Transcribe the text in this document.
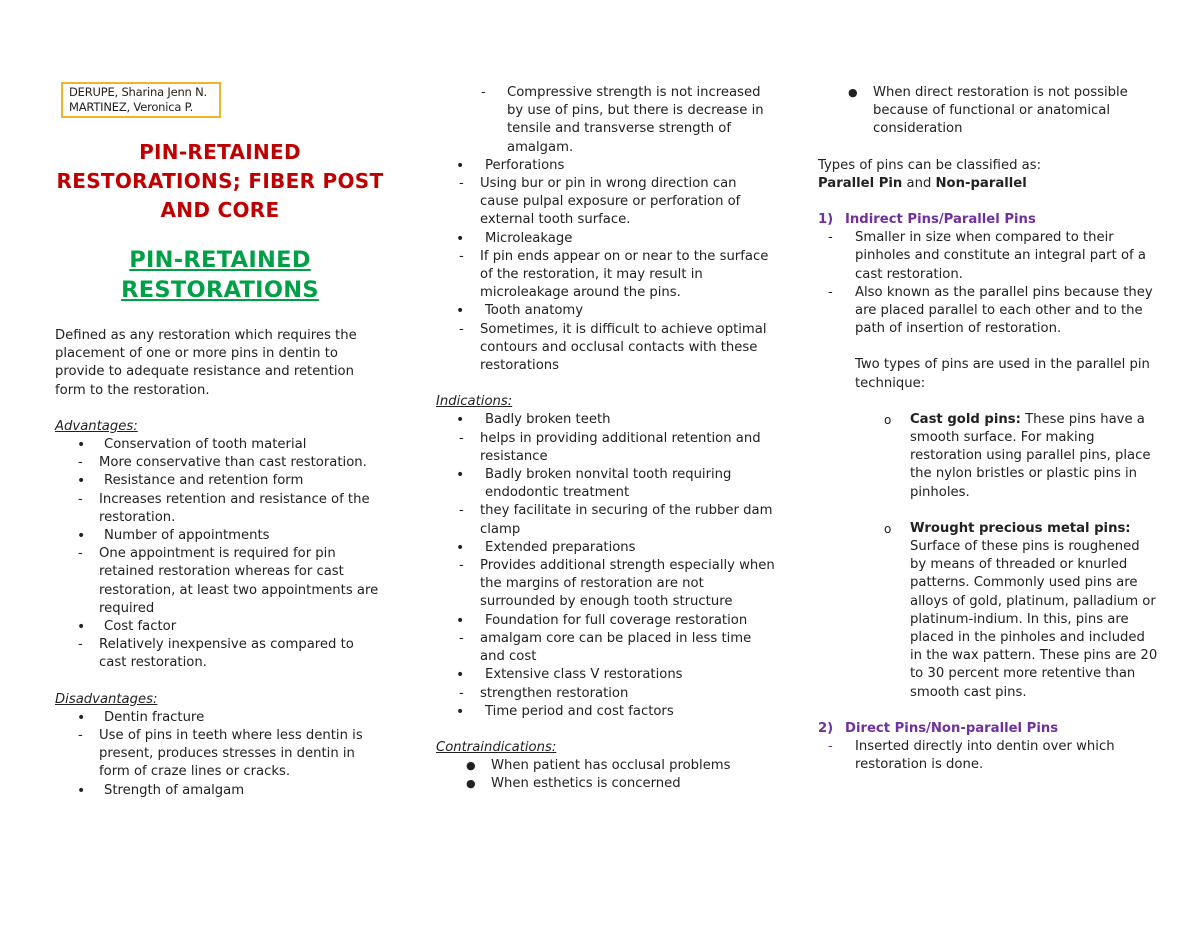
DERUPE, Sharina Jenn N.
MARTINEZ, Veronica P.
PIN-RETAINED RESTORATIONS; FIBER POST AND CORE
PIN-RETAINED RESTORATIONS

Defined as any restoration which requires the placement of one or more pins in dentin to provide to adequate resistance and retention form to the restoration.

Advantages:
• Conservation of tooth material
- More conservative than cast restoration.
• Resistance and retention form
- Increases retention and resistance of the restoration.
• Number of appointments
- One appointment is required for pin retained restoration whereas for cast restoration, at least two appointments are required
• Cost factor
- Relatively inexpensive as compared to cast restoration.
Disadvantages:
• Dentin fracture
- Use of pins in teeth where less dentin is present, produces stresses in dentin in form of craze lines or cracks.
• Strength of amalgam
- Compressive strength is not increased by use of pins, but there is decrease in tensile and transverse strength of amalgam.
• Perforations
- Using bur or pin in wrong direction can cause pulpal exposure or perforation of external tooth surface.
• Microleakage
- If pin ends appear on or near to the surface of the restoration, it may result in microleakage around the pins.
• Tooth anatomy
- Sometimes, it is difficult to achieve optimal contours and occlusal contacts with these restorations
Indications:
• Badly broken teeth
- helps in providing additional retention and resistance
• Badly broken nonvital tooth requiring endodontic treatment
- they facilitate in securing of the rubber dam clamp
• Extended preparations
- Provides additional strength especially when the margins of restoration are not surrounded by enough tooth structure
• Foundation for full coverage restoration
- amalgam core can be placed in less time and cost
• Extensive class V restorations
- strengthen restoration
• Time period and cost factors
Contraindications:
● When patient has occlusal problems
● When esthetics is concerned
● When direct restoration is not possible because of functional or anatomical consideration
Types of pins can be classified as:
Parallel Pin and Non-parallel
1) Indirect Pins/Parallel Pins
- Smaller in size when compared to their pinholes and constitute an integral part of a cast restoration.
- Also known as the parallel pins because they are placed parallel to each other and to the path of insertion of restoration.
Two types of pins are used in the parallel pin technique:
o Cast gold pins: These pins have a smooth surface. For making restoration using parallel pins, place the nylon bristles or plastic pins in pinholes.
o Wrought precious metal pins: Surface of these pins is roughened by means of threaded or knurled patterns. Commonly used pins are alloys of gold, platinum, palladium or platinum-indium. In this, pins are placed in the pinholes and included in the wax pattern. These pins are 20 to 30 percent more retentive than smooth cast pins.
2) Direct Pins/Non-parallel Pins
- Inserted directly into dentin over which restoration is done.
